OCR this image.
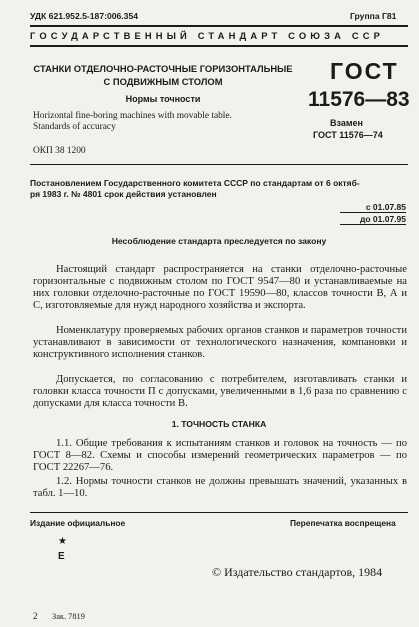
УДК 621.952.5-187:006.354	Группа Г81
ГОСУДАРСТВЕННЫЙ СТАНДАРТ СОЮЗА ССР
СТАНКИ ОТДЕЛОЧНО-РАСТОЧНЫЕ ГОРИЗОНТАЛЬНЫЕ
С ПОДВИЖНЫМ СТОЛОМ
Нормы точности
Horizontal fine-boring machines with movable table.
Standards of accuracy
ОКП 38 1200
ГОСТ
11576—83
Взамен
ГОСТ 11576—74
Постановлением Государственного комитета СССР по стандартам от 6 октяб-
ря 1983 г. № 4801 срок действия установлен
с 01.07.85
до 01.07.95
Несоблюдение стандарта преследуется по закону

Настоящий стандарт распространяется на станки отделочно-расточные горизонтальные с подвижным столом по ГОСТ 9547—80 и устанавливаемые на них головки отделочно-расточные по ГОСТ 19590—80, классов точности В, А и С, изготовляемые для нужд народного хозяйства и экспорта.

Номенклатуру проверяемых рабочих органов станков и параметров точности устанавливают в зависимости от технологического назначения, компановки и конструктивного исполнения станков.

Допускается, по согласованию с потребителем, изготавливать станки и головки класса точности П с допусками, увеличенными в 1,6 раза по сравнению с допусками для класса точности В.

1. ТОЧНОСТЬ СТАНКА

1.1. Общие требования к испытаниям станков и головок на точность — по ГОСТ 8—82. Схемы и способы измерений геометрических параметров — по ГОСТ 22267—76.

1.2. Нормы точности станков не должны превышать значений, указанных в табл. 1—10.

Издание официальное	Перепечатка воспрещена
★
E
© Издательство стандартов, 1984
2 Зак. 7819
